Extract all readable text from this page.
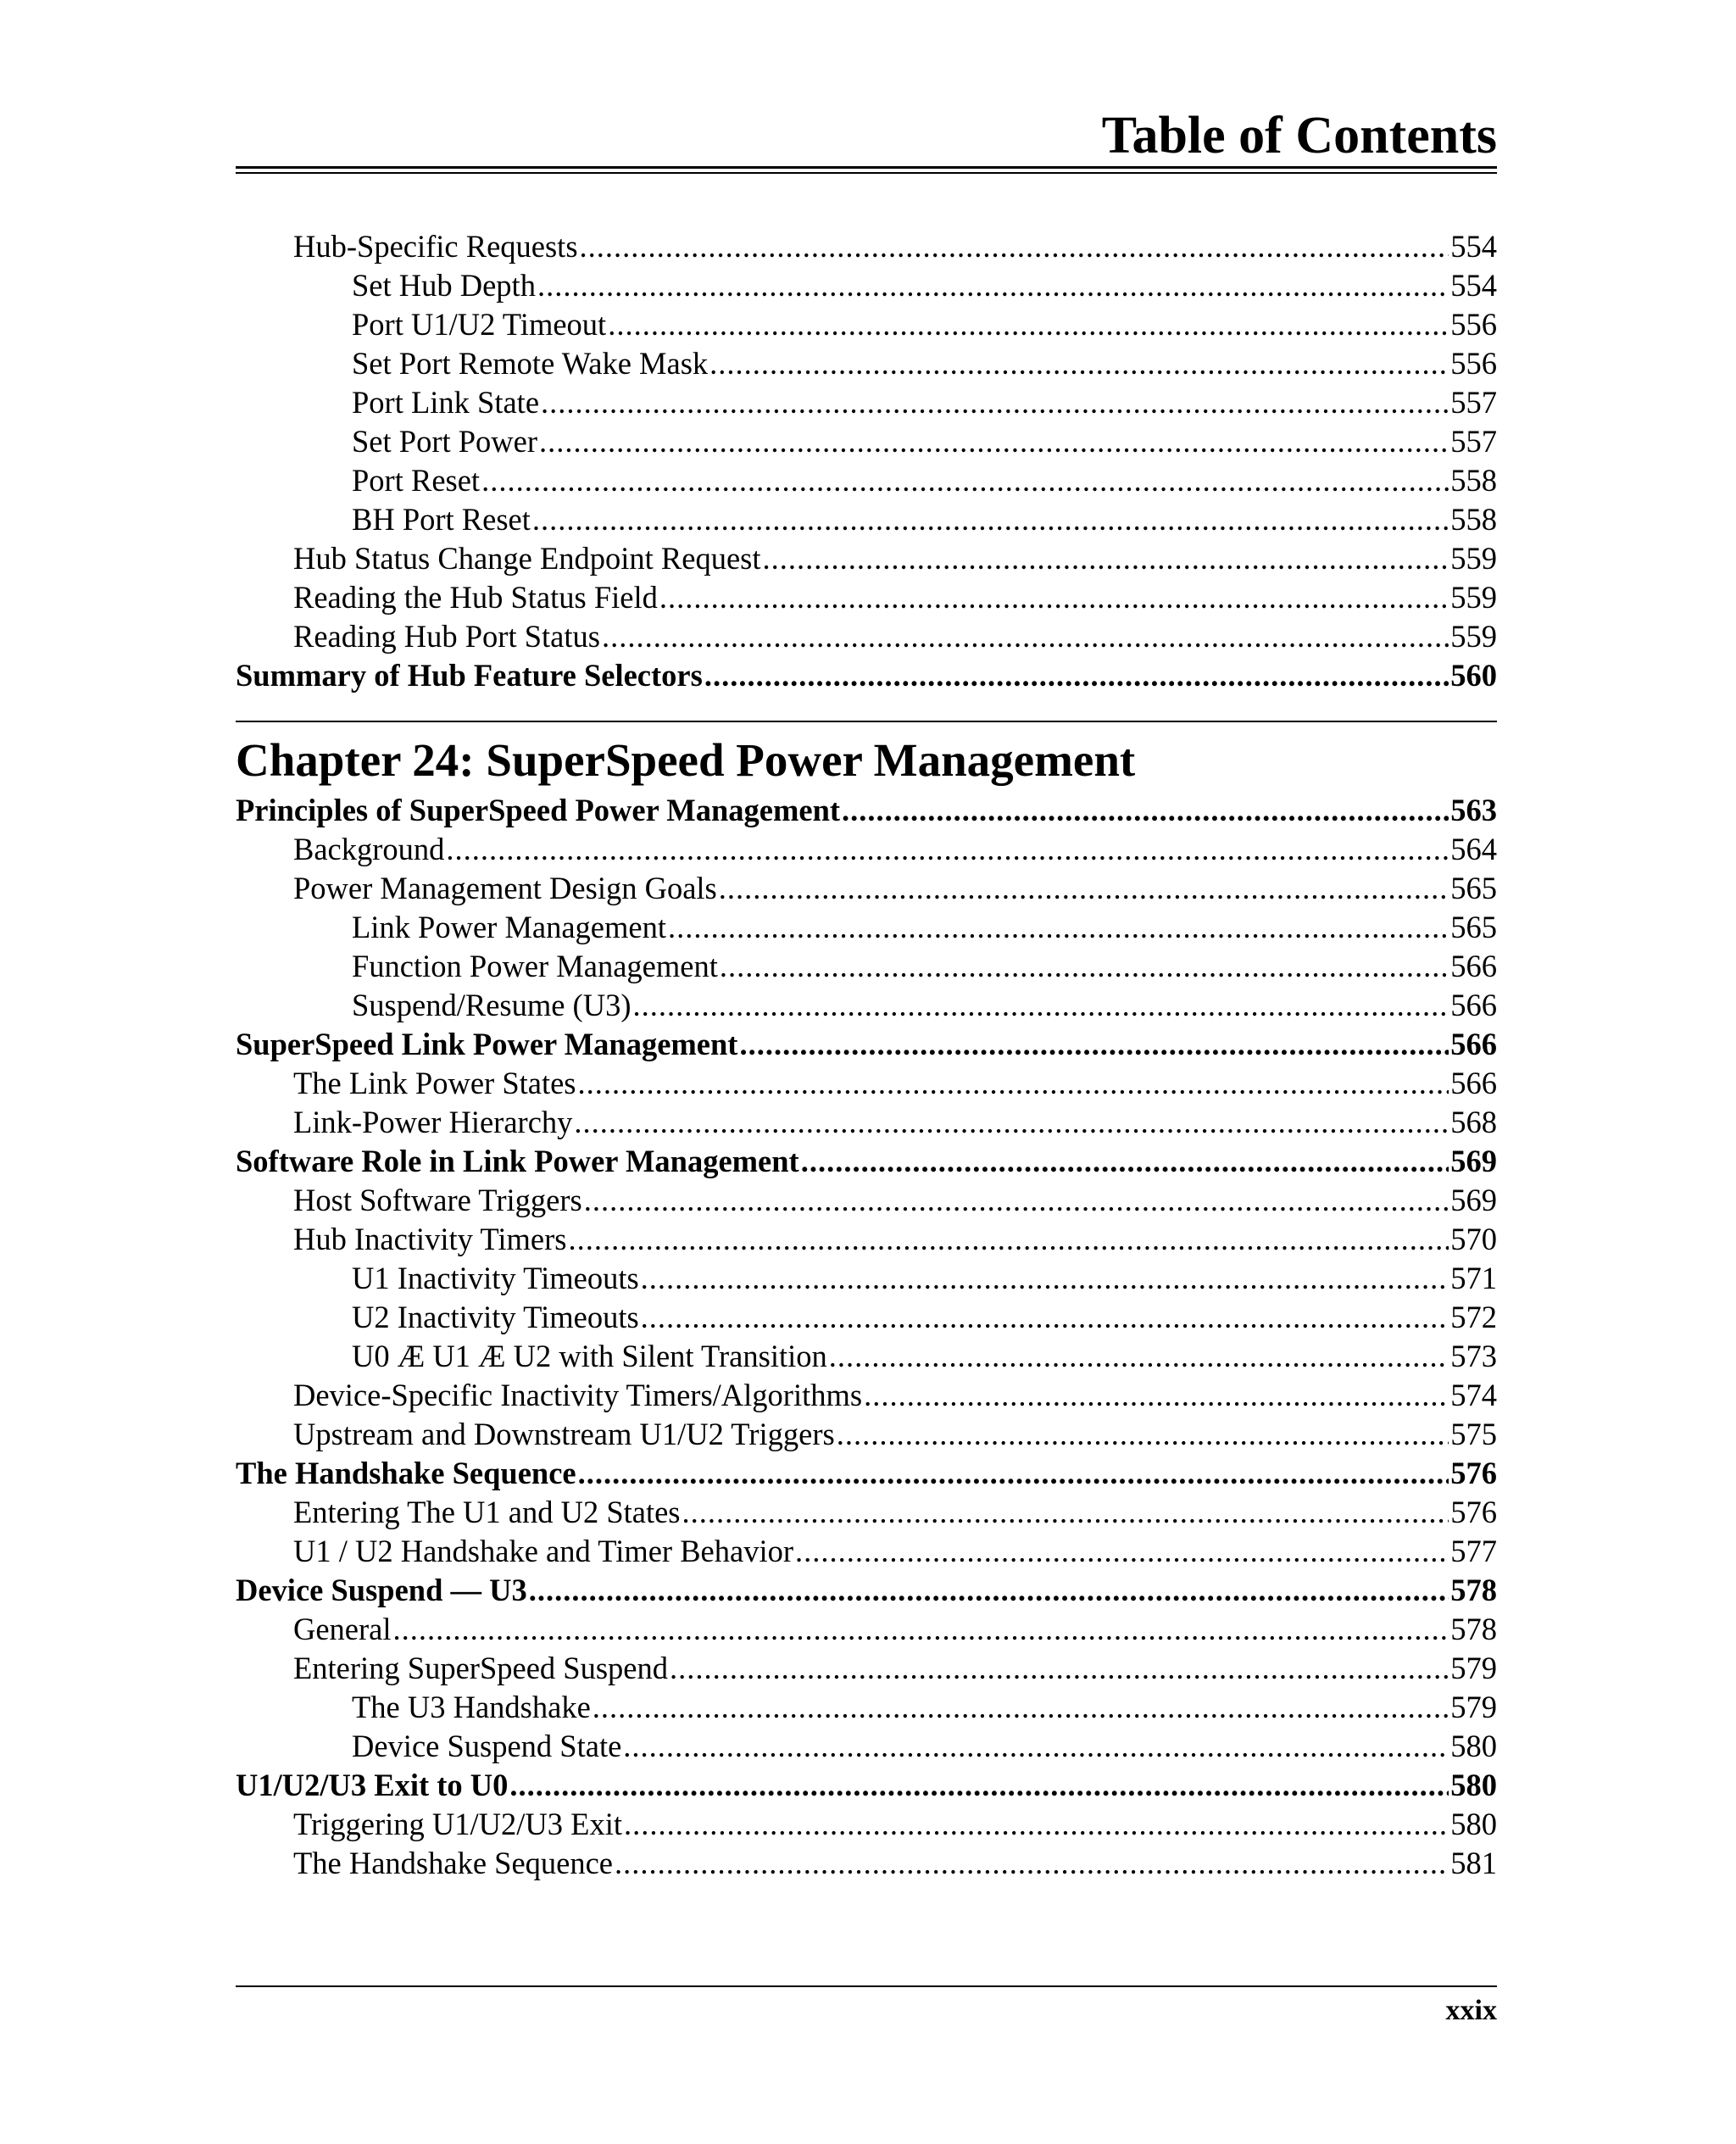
Table of Contents
Hub-Specific Requests .....	554
Set Hub Depth .....	554
Port U1/U2 Timeout .....	556
Set Port Remote Wake Mask .....	556
Port Link State .....	557
Set Port Power .....	557
Port Reset .....	558
BH Port Reset .....	558
Hub Status Change Endpoint Request .....	559
Reading the Hub Status Field .....	559
Reading Hub Port Status .....	559
Summary of Hub Feature Selectors .....	560
Chapter 24: SuperSpeed Power Management
Principles of SuperSpeed Power Management .....	563
Background .....	564
Power Management Design Goals .....	565
Link Power Management .....	565
Function Power Management .....	566
Suspend/Resume (U3) .....	566
SuperSpeed Link Power Management .....	566
The Link Power States .....	566
Link-Power Hierarchy .....	568
Software Role in Link Power Management .....	569
Host Software Triggers .....	569
Hub Inactivity Timers .....	570
U1 Inactivity Timeouts .....	571
U2 Inactivity Timeouts .....	572
U0 Æ U1 Æ U2 with Silent Transition .....	573
Device-Specific Inactivity Timers/Algorithms .....	574
Upstream and Downstream U1/U2 Triggers .....	575
The Handshake Sequence .....	576
Entering The U1 and U2 States .....	576
U1 / U2 Handshake and Timer Behavior .....	577
Device Suspend — U3 .....	578
General .....	578
Entering SuperSpeed Suspend .....	579
The U3 Handshake .....	579
Device Suspend State .....	580
U1/U2/U3 Exit to U0 .....	580
Triggering U1/U2/U3 Exit .....	580
The Handshake Sequence .....	581
xxix
